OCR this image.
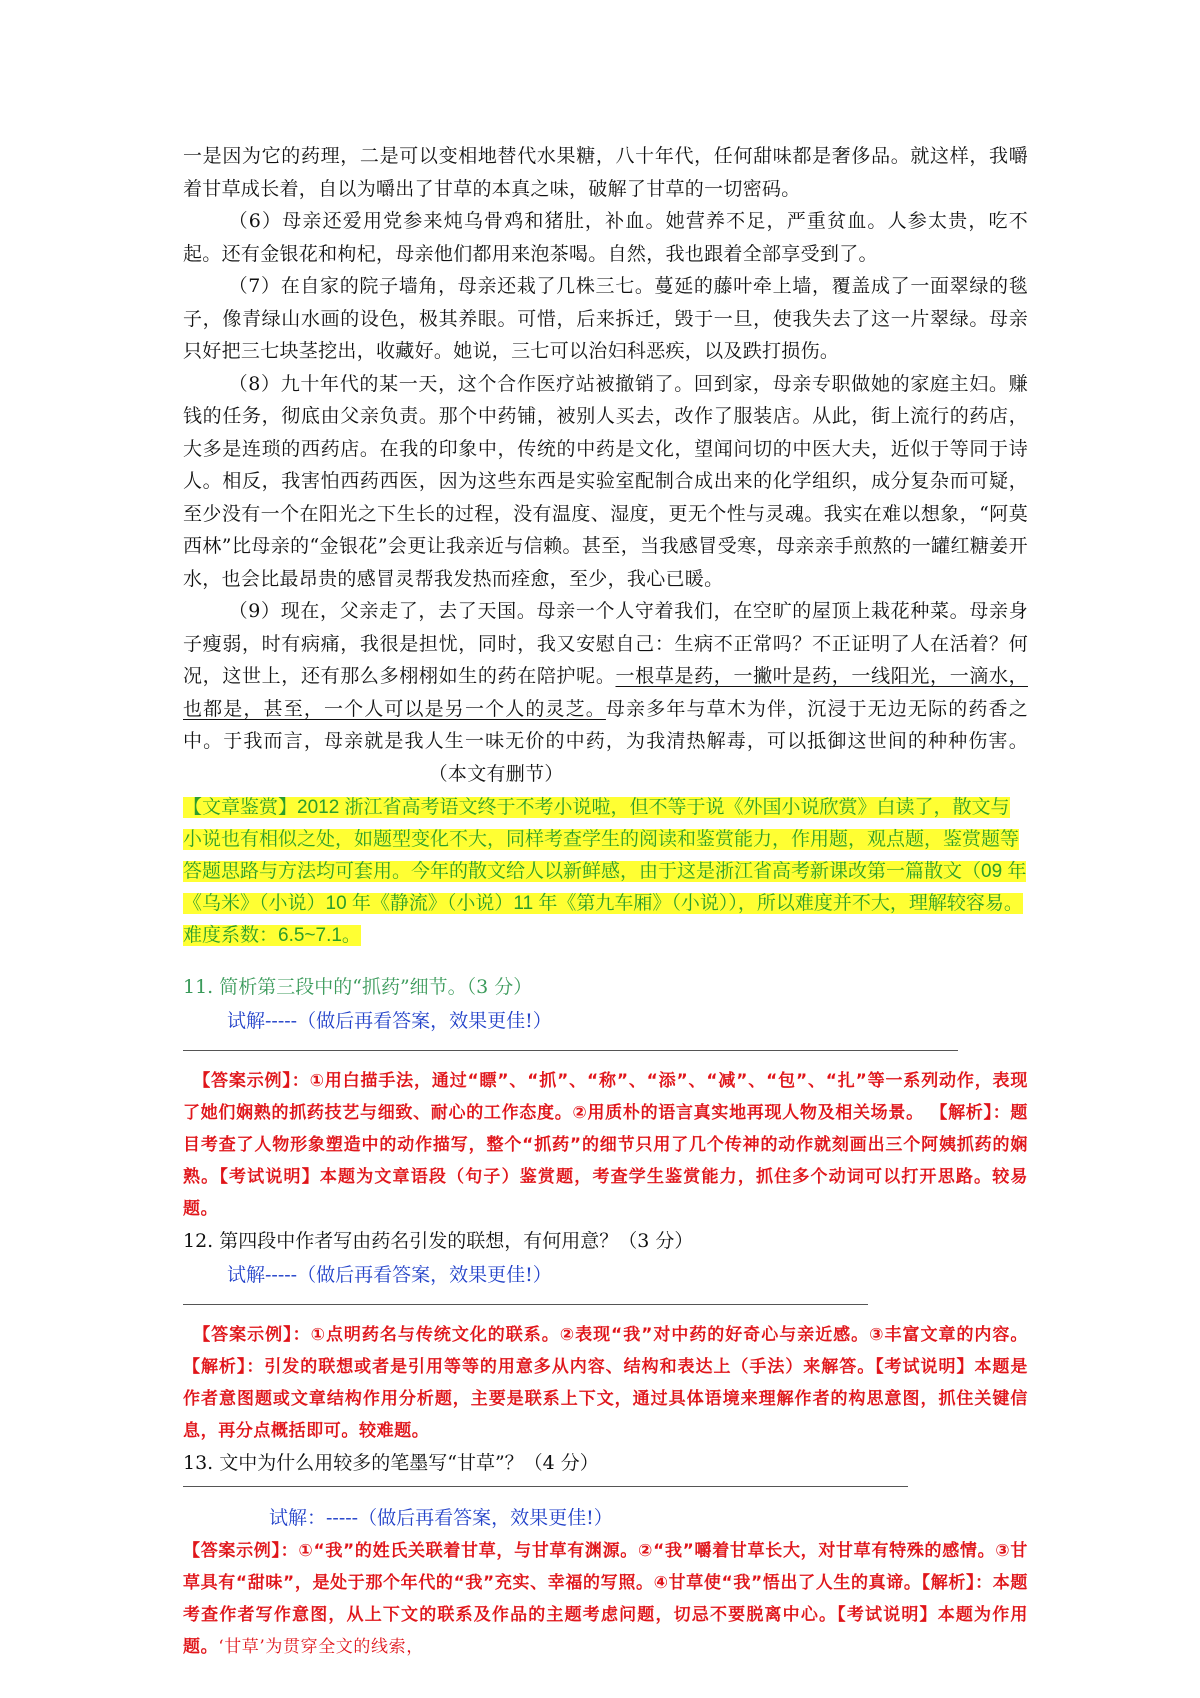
一是因为它的药理，二是可以变相地替代水果糖，八十年代，任何甜味都是奢侈品。就这样，我嚼着甘草成长着，自以为嚼出了甘草的本真之味，破解了甘草的一切密码。

（6）母亲还爱用党参来炖乌骨鸡和猪肚，补血。她营养不足，严重贫血。人参太贵，吃不起。还有金银花和枸杞，母亲他们都用来泡茶喝。自然，我也跟着全部享受到了。

（7）在自家的院子墙角，母亲还栽了几株三七。蔓延的藤叶牵上墙，覆盖成了一面翠绿的毯子，像青绿山水画的设色，极其养眼。可惜，后来拆迁，毁于一旦，使我失去了这一片翠绿。母亲只好把三七块茎挖出，收藏好。她说，三七可以治妇科恶疾，以及跌打损伤。

（8）九十年代的某一天，这个合作医疗站被撤销了。回到家，母亲专职做她的家庭主妇。赚钱的任务，彻底由父亲负责。那个中药铺，被别人买去，改作了服装店。从此，街上流行的药店，大多是连琐的西药店。在我的印象中，传统的中药是文化，望闻问切的中医大夫，近似于等同于诗人。相反，我害怕西药西医，因为这些东西是实验室配制合成出来的化学组织，成分复杂而可疑，至少没有一个在阳光之下生长的过程，没有温度、湿度，更无个性与灵魂。我实在难以想象，“阿莫西林”比母亲的“金银花”会更让我亲近与信赖。甚至，当我感冒受寒，母亲亲手煎熬的一罐红糖姜开水，也会比最昂贵的感冒灵帮我发热而痊愈，至少，我心已暖。

（9）现在，父亲走了，去了天国。母亲一个人守着我们，在空旷的屋顶上栽花种菜。母亲身子瘦弱，时有病痛，我很是担忧，同时，我又安慰自己：生病不正常吗？不正证明了人在活着？何况，这世上，还有那么多栩栩如生的药在陪护呢。一根草是药，一撇叶是药，一线阳光，一滴水，也都是，甚至，一个人可以是另一个人的灵芝。母亲多年与草木为伴，沉浸于无边无际的药香之中。于我而言，母亲就是我人生一味无价的中药，为我清热解毒，可以抵御这世间的种种伤害。（本文有删节）

【文章鉴赏】2012 浙江省高考语文终于不考小说啦，但不等于说《外国小说欣赏》白读了，散文与小说也有相似之处，如题型变化不大，同样考查学生的阅读和鉴赏能力，作用题，观点题，鉴赏题等答题思路与方法均可套用。今年的散文给人以新鲜感，由于这是浙江省高考新课改第一篇散文（09 年《乌米》（小说）10 年《静流》（小说）11 年《第九车厢》（小说）），所以难度并不大，理解较容易。难度系数：6.5~7.1。

11. 简析第三段中的“抓药”细节。（3 分）

试解-----（做后再看答案，效果更佳!）

【答案示例】：①用白描手法，通过“瞟”、“抓”、“称”、“添”、“减”、“包”、“扎”等一系列动作，表现了她们娴熟的抓药技艺与细致、耐心的工作态度。②用质朴的语言真实地再现人物及相关场景。 【解析】：题目考查了人物形象塑造中的动作描写，整个“抓药”的细节只用了几个传神的动作就刻画出三个阿姨抓药的娴熟。【考试说明】本题为文章语段（句子）鉴赏题，考查学生鉴赏能力，抓住多个动词可以打开思路。较易题。

12. 第四段中作者写由药名引发的联想，有何用意？（3 分）

试解-----（做后再看答案，效果更佳!）

【答案示例】：①点明药名与传统文化的联系。②表现“我”对中药的好奇心与亲近感。③丰富文章的内容。【解析】：引发的联想或者是引用等等的用意多从内容、结构和表达上（手法）来解答。【考试说明】本题是作者意图题或文章结构作用分析题，主要是联系上下文，通过具体语境来理解作者的构思意图，抓住关键信息，再分点概括即可。较难题。

13. 文中为什么用较多的笔墨写“甘草”？（4 分）

试解：-----（做后再看答案，效果更佳!）

【答案示例】：①“我”的姓氏关联着甘草，与甘草有渊源。②“我”嚼着甘草长大，对甘草有特殊的感情。③甘草具有“甜味”，是处于那个年代的“我”充实、幸福的写照。④甘草使“我”悟出了人生的真谛。【解析】：本题考查作者写作意图，从上下文的联系及作品的主题考虑问题，切忌不要脱离中心。【考试说明】本题为作用题。‘甘草’为贯穿全文的线索，
